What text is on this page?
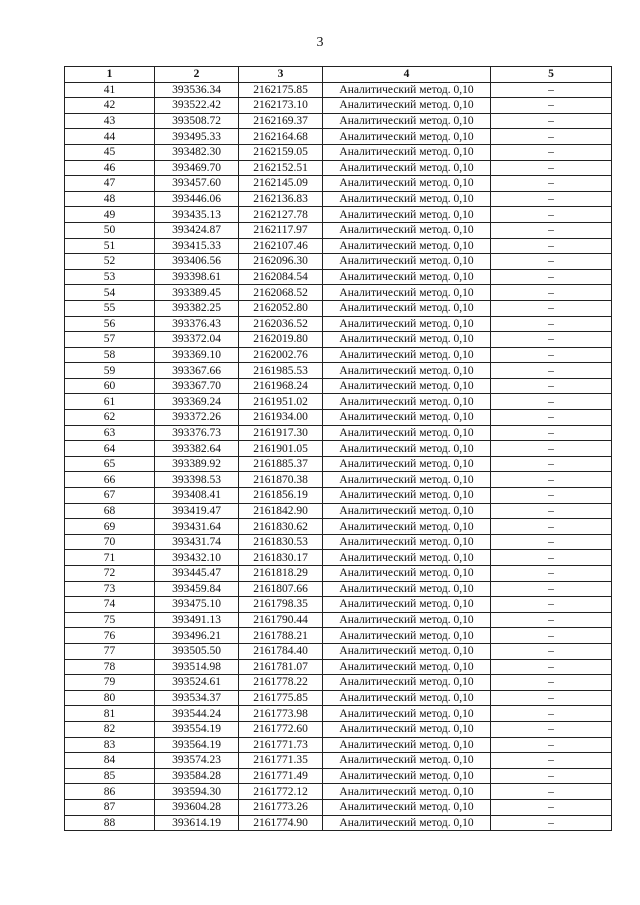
3
1	2	3	4	5
41	393536.34	2162175.85	Аналитический метод. 0,10	–
42	393522.42	2162173.10	Аналитический метод. 0,10	–
43	393508.72	2162169.37	Аналитический метод. 0,10	–
44	393495.33	2162164.68	Аналитический метод. 0,10	–
45	393482.30	2162159.05	Аналитический метод. 0,10	–
46	393469.70	2162152.51	Аналитический метод. 0,10	–
47	393457.60	2162145.09	Аналитический метод. 0,10	–
48	393446.06	2162136.83	Аналитический метод. 0,10	–
49	393435.13	2162127.78	Аналитический метод. 0,10	–
50	393424.87	2162117.97	Аналитический метод. 0,10	–
51	393415.33	2162107.46	Аналитический метод. 0,10	–
52	393406.56	2162096.30	Аналитический метод. 0,10	–
53	393398.61	2162084.54	Аналитический метод. 0,10	–
54	393389.45	2162068.52	Аналитический метод. 0,10	–
55	393382.25	2162052.80	Аналитический метод. 0,10	–
56	393376.43	2162036.52	Аналитический метод. 0,10	–
57	393372.04	2162019.80	Аналитический метод. 0,10	–
58	393369.10	2162002.76	Аналитический метод. 0,10	–
59	393367.66	2161985.53	Аналитический метод. 0,10	–
60	393367.70	2161968.24	Аналитический метод. 0,10	–
61	393369.24	2161951.02	Аналитический метод. 0,10	–
62	393372.26	2161934.00	Аналитический метод. 0,10	–
63	393376.73	2161917.30	Аналитический метод. 0,10	–
64	393382.64	2161901.05	Аналитический метод. 0,10	–
65	393389.92	2161885.37	Аналитический метод. 0,10	–
66	393398.53	2161870.38	Аналитический метод. 0,10	–
67	393408.41	2161856.19	Аналитический метод. 0,10	–
68	393419.47	2161842.90	Аналитический метод. 0,10	–
69	393431.64	2161830.62	Аналитический метод. 0,10	–
70	393431.74	2161830.53	Аналитический метод. 0,10	–
71	393432.10	2161830.17	Аналитический метод. 0,10	–
72	393445.47	2161818.29	Аналитический метод. 0,10	–
73	393459.84	2161807.66	Аналитический метод. 0,10	–
74	393475.10	2161798.35	Аналитический метод. 0,10	–
75	393491.13	2161790.44	Аналитический метод. 0,10	–
76	393496.21	2161788.21	Аналитический метод. 0,10	–
77	393505.50	2161784.40	Аналитический метод. 0,10	–
78	393514.98	2161781.07	Аналитический метод. 0,10	–
79	393524.61	2161778.22	Аналитический метод. 0,10	–
80	393534.37	2161775.85	Аналитический метод. 0,10	–
81	393544.24	2161773.98	Аналитический метод. 0,10	–
82	393554.19	2161772.60	Аналитический метод. 0,10	–
83	393564.19	2161771.73	Аналитический метод. 0,10	–
84	393574.23	2161771.35	Аналитический метод. 0,10	–
85	393584.28	2161771.49	Аналитический метод. 0,10	–
86	393594.30	2161772.12	Аналитический метод. 0,10	–
87	393604.28	2161773.26	Аналитический метод. 0,10	–
88	393614.19	2161774.90	Аналитический метод. 0,10	–
